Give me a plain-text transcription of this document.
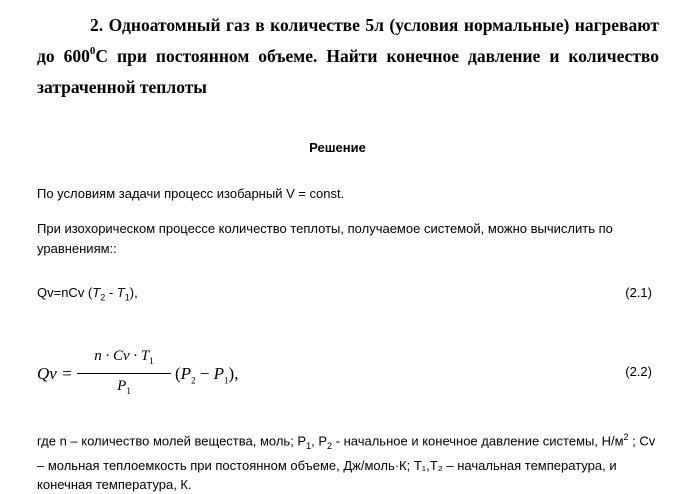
2. Одноатомный газ в количестве 5л (условия нормальные) нагревают до $600^0С$ при постоянном объеме. Найти конечное давление и количество затраченной теплоты
Решение
По условиям задачи процесс изобарный V = const.
При изохорическом процессе количество теплоты, получаемое системой, можно вычислить по уравнениям::
Qv=nCv $(T_2 - T_1)$,	(2.1)
Qv =
$n \cdot Cv \cdot T_1$
$P_1$
$(P_2 - P_1)$,	(2.2)
где n – количество молей вещества, моль; $P_1$, $P_2$ - начальное и конечное давление системы, $Н/м^2$ ; Cv – мольная теплоемкость при постоянном объеме, Дж/моль·К; Т₁,Т₂ – начальная температура, и конечная температура, К.
